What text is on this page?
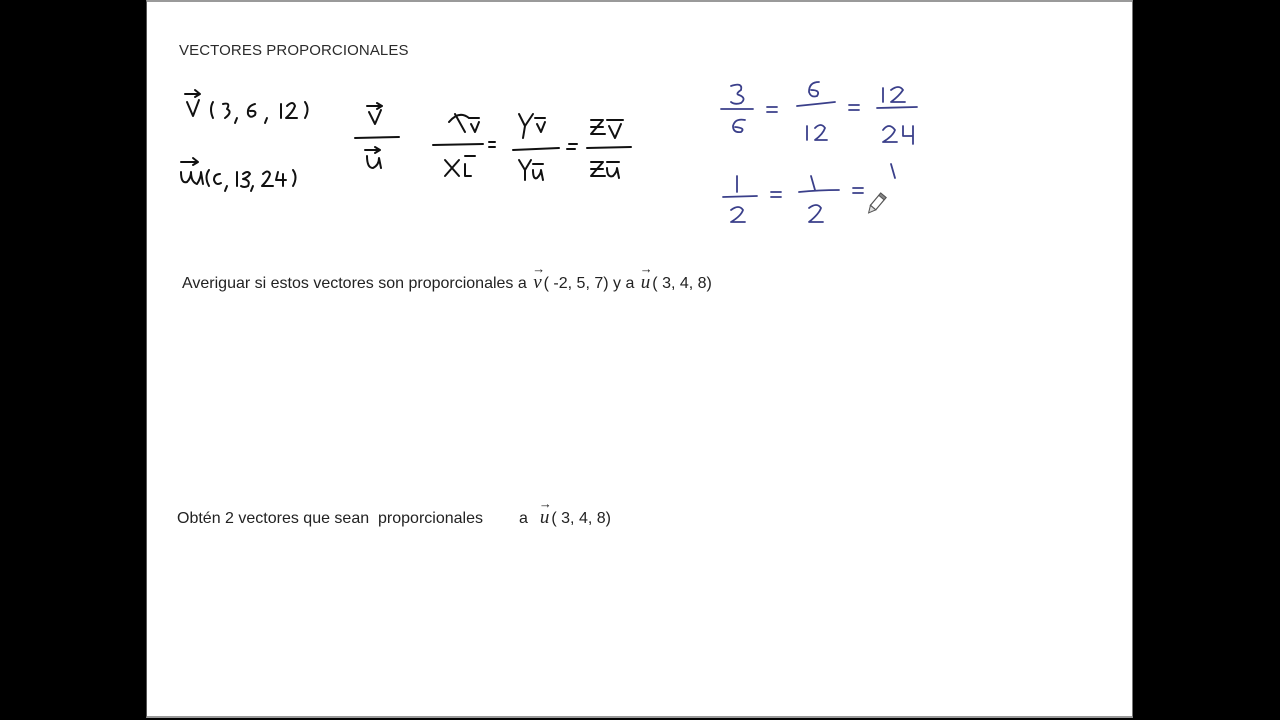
VECTORES PROPORCIONALES
Averiguar si estos vectores son proporcionales a → v ( -2, 5, 7) y a → u ( 3, 4, 8)
Obtén 2 vectores que sean  proporcionales a → u ( 3, 4, 8)
